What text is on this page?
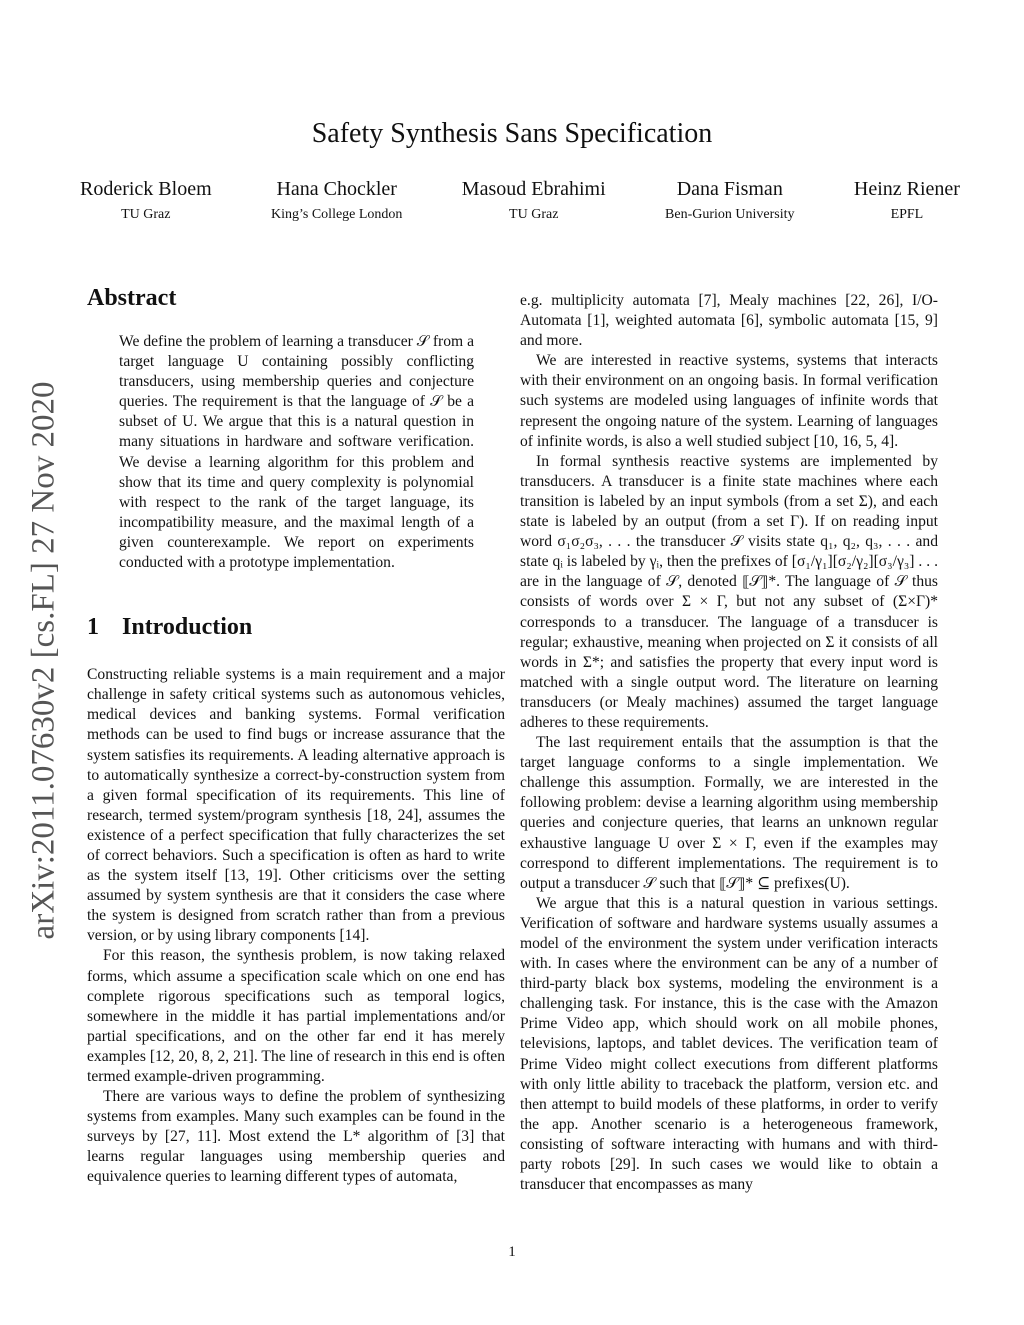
arXiv:2011.07630v2 [cs.FL] 27 Nov 2020
Safety Synthesis Sans Specification
Roderick Bloem
TU Graz
Hana Chockler
King’s College London
Masoud Ebrahimi
TU Graz
Dana Fisman
Ben-Gurion University
Heinz Riener
EPFL
Abstract

We define the problem of learning a transducer 𝒮 from a target language U containing possibly conflicting transducers, using membership queries and conjecture queries. The requirement is that the language of 𝒮 be a subset of U. We argue that this is a natural question in many situations in hardware and software verification. We devise a learning algorithm for this problem and show that its time and query complexity is polynomial with respect to the rank of the target language, its incompatibility measure, and the maximal length of a given counterexample. We report on experiments conducted with a prototype implementation.

1 Introduction

Constructing reliable systems is a main requirement and a major challenge in safety critical systems such as autonomous vehicles, medical devices and banking systems. Formal verification methods can be used to find bugs or increase assurance that the system satisfies its requirements. A leading alternative approach is to automatically synthesize a correct-by-construction system from a given formal specification of its requirements. This line of research, termed system/program synthesis [18, 24], assumes the existence of a perfect specification that fully characterizes the set of correct behaviors. Such a specification is often as hard to write as the system itself [13, 19]. Other criticisms over the setting assumed by system synthesis are that it considers the case where the system is designed from scratch rather than from a previous version, or by using library components [14].

For this reason, the synthesis problem, is now taking relaxed forms, which assume a specification scale which on one end has complete rigorous specifications such as temporal logics, somewhere in the middle it has partial implementations and/or partial specifications, and on the other far end it has merely examples [12, 20, 8, 2, 21]. The line of research in this end is often termed example-driven programming.

There are various ways to define the problem of synthesizing systems from examples. Many such examples can be found in the surveys by [27, 11]. Most extend the L* algorithm of [3] that learns regular languages using membership queries and equivalence queries to learning different types of automata,

e.g. multiplicity automata [7], Mealy machines [22, 26], I/O-Automata [1], weighted automata [6], symbolic automata [15, 9] and more.

We are interested in reactive systems, systems that interacts with their environment on an ongoing basis. In formal verification such systems are modeled using languages of infinite words that represent the ongoing nature of the system. Learning of languages of infinite words, is also a well studied subject [10, 16, 5, 4].

In formal synthesis reactive systems are implemented by transducers. A transducer is a finite state machines where each transition is labeled by an input symbols (from a set Σ), and each state is labeled by an output (from a set Γ). If on reading input word σ₁σ₂σ₃, . . . the transducer 𝒮 visits state q₁, q₂, q₃, . . . and state qᵢ is labeled by γᵢ, then the prefixes of [σ₁/γ₁][σ₂/γ₂][σ₃/γ₃] . . . are in the language of 𝒮, denoted ⟦𝒮⟧*. The language of 𝒮 thus consists of words over Σ × Γ, but not any subset of (Σ×Γ)* corresponds to a transducer. The language of a transducer is regular; exhaustive, meaning when projected on Σ it consists of all words in Σ*; and satisfies the property that every input word is matched with a single output word. The literature on learning transducers (or Mealy machines) assumed the target language adheres to these requirements.

The last requirement entails that the assumption is that the target language conforms to a single implementation. We challenge this assumption. Formally, we are interested in the following problem: devise a learning algorithm using membership queries and conjecture queries, that learns an unknown regular exhaustive language U over Σ × Γ, even if the examples may correspond to different implementations. The requirement is to output a transducer 𝒮 such that ⟦𝒮⟧* ⊆ prefixes(U).

We argue that this is a natural question in various settings. Verification of software and hardware systems usually assumes a model of the environment the system under verification interacts with. In cases where the environment can be any of a number of third-party black box systems, modeling the environment is a challenging task. For instance, this is the case with the Amazon Prime Video app, which should work on all mobile phones, televisions, laptops, and tablet devices. The verification team of Prime Video might collect executions from different platforms with only little ability to traceback the platform, version etc. and then attempt to build models of these platforms, in order to verify the app. Another scenario is a heterogeneous framework, consisting of software interacting with humans and with third-party robots [29]. In such cases we would like to obtain a transducer that encompasses as many

1
